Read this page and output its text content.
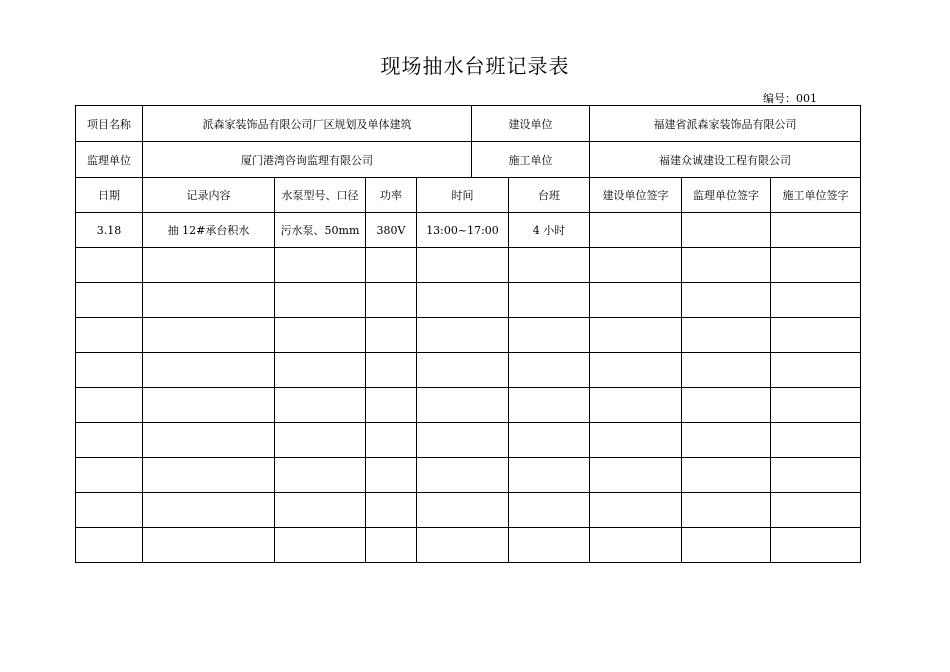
现场抽水台班记录表
编号：001
项目名称	派森家装饰品有限公司厂区规划及单体建筑				建设单位		福建省派森家装饰品有限公司		
监理单位	厦门港湾咨询监理有限公司				施工单位		福建众诚建设工程有限公司		
日期	记录内容	水泵型号、口径	功率	时间		台班	建设单位签字	监理单位签字	施工单位签字
3.18	抽 12#承台积水	污水泵、50mm	380V	13:00~17:00		4 小时			
